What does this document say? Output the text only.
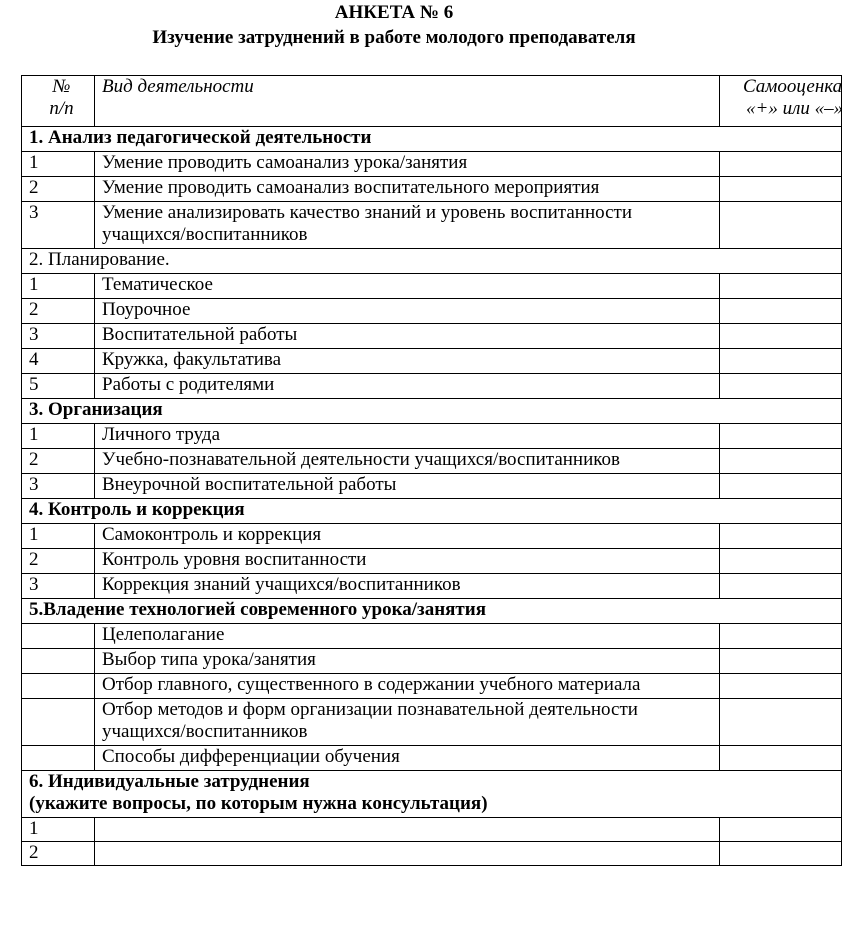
АНКЕТА № 6
Изучение затруднений в работе молодого преподавателя
№
п/п	Вид деятельности	Самооценка
«+» или «–»

1. Анализ педагогической деятельности		
1	Умение проводить самоанализ урока/занятия	
2	Умение проводить самоанализ воспитательного мероприятия	
3	Умение анализировать качество знаний и уровень воспитанности учащихся/воспитанников	
2. Планирование.		
1	Тематическое	
2	Поурочное	
3	Воспитательной работы	
4	Кружка, факультатива	
5	Работы с родителями	
3. Организация		
1	Личного труда	
2	Учебно-познавательной деятельности учащихся/воспитанников	
3	Внеурочной воспитательной работы	
4. Контроль и коррекция		
1	Самоконтроль и коррекция	
2	Контроль уровня воспитанности	
3	Коррекция знаний учащихся/воспитанников	
5.Владение технологией современного урока/занятия		
	Целеполагание	
	Выбор типа урока/занятия	
	Отбор главного, существенного в содержании учебного материала	
	Отбор методов и форм организации познавательной деятельности учащихся/воспитанников	
	Способы дифференциации обучения	

6. Индивидуальные затруднения
(укажите вопросы, по которым нужна консультация)		

1		
2		
